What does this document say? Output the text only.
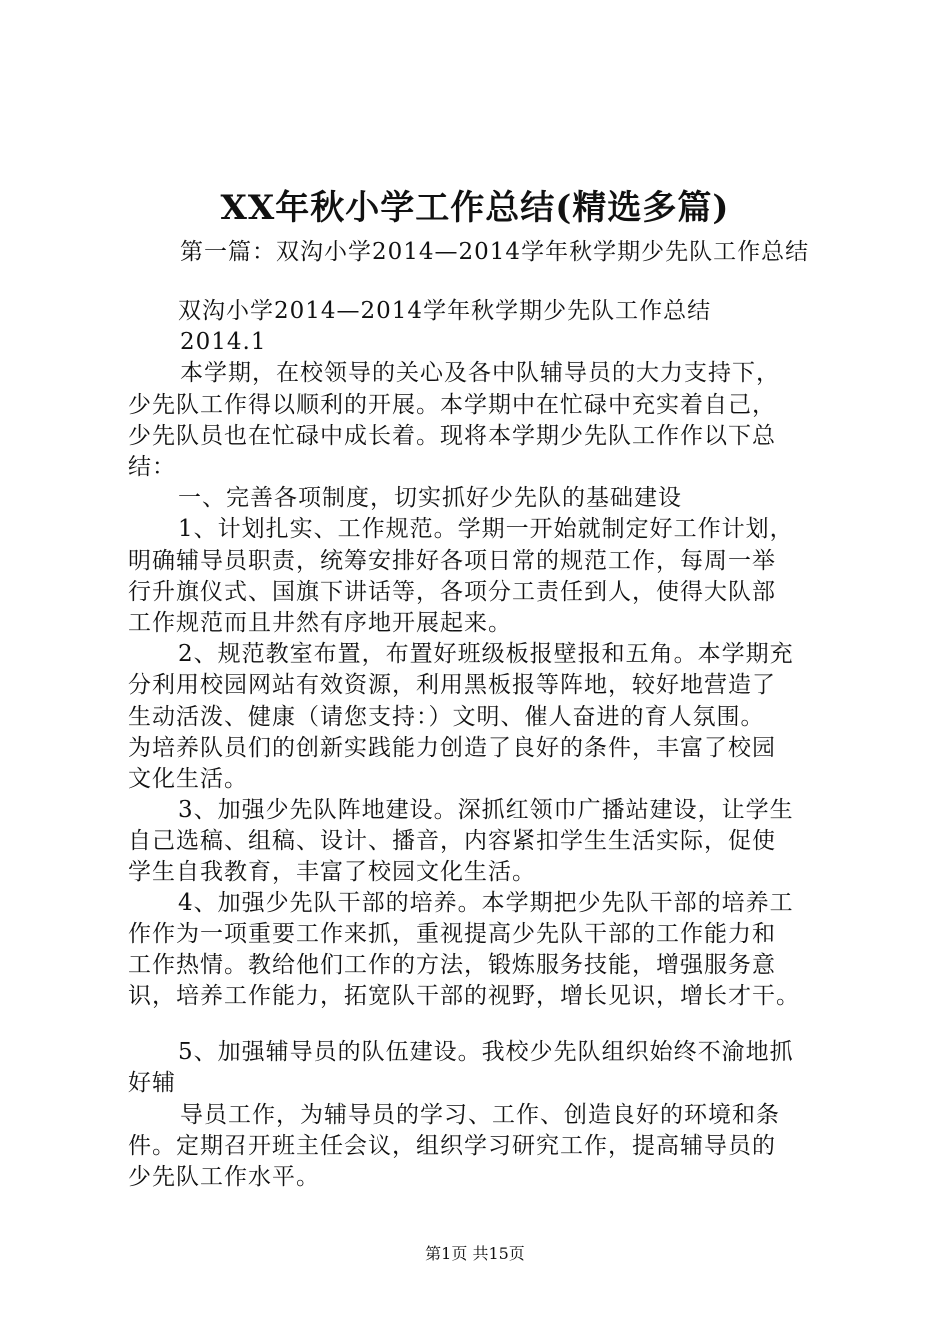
XX年秋小学工作总结(精选多篇)
第一篇：双沟小学2014—2014学年秋学期少先队工作总结
双沟小学2014—2014学年秋学期少先队工作总结
2014.1
本学期，在校领导的关心及各中队辅导员的大力支持下，
少先队工作得以顺利的开展。本学期中在忙碌中充实着自己，
少先队员也在忙碌中成长着。现将本学期少先队工作作以下总
结：
一、完善各项制度，切实抓好少先队的基础建设
1、计划扎实、工作规范。学期一开始就制定好工作计划，
明确辅导员职责，统筹安排好各项日常的规范工作，每周一举
行升旗仪式、国旗下讲话等，各项分工责任到人，使得大队部
工作规范而且井然有序地开展起来。
2、规范教室布置，布置好班级板报壁报和五角。本学期充
分利用校园网站有效资源，利用黑板报等阵地，较好地营造了
生动活泼、健康（请您支持：）文明、催人奋进的育人氛围。
为培养队员们的创新实践能力创造了良好的条件，丰富了校园
文化生活。
3、加强少先队阵地建设。深抓红领巾广播站建设，让学生
自己选稿、组稿、设计、播音，内容紧扣学生生活实际，促使
学生自我教育，丰富了校园文化生活。
4、加强少先队干部的培养。本学期把少先队干部的培养工
作作为一项重要工作来抓，重视提高少先队干部的工作能力和
工作热情。教给他们工作的方法，锻炼服务技能，增强服务意
识，培养工作能力，拓宽队干部的视野，增长见识，增长才干。
5、加强辅导员的队伍建设。我校少先队组织始终不渝地抓
好辅
导员工作，为辅导员的学习、工作、创造良好的环境和条
件。定期召开班主任会议，组织学习研究工作，提高辅导员的
少先队工作水平。
第1页 共15页
